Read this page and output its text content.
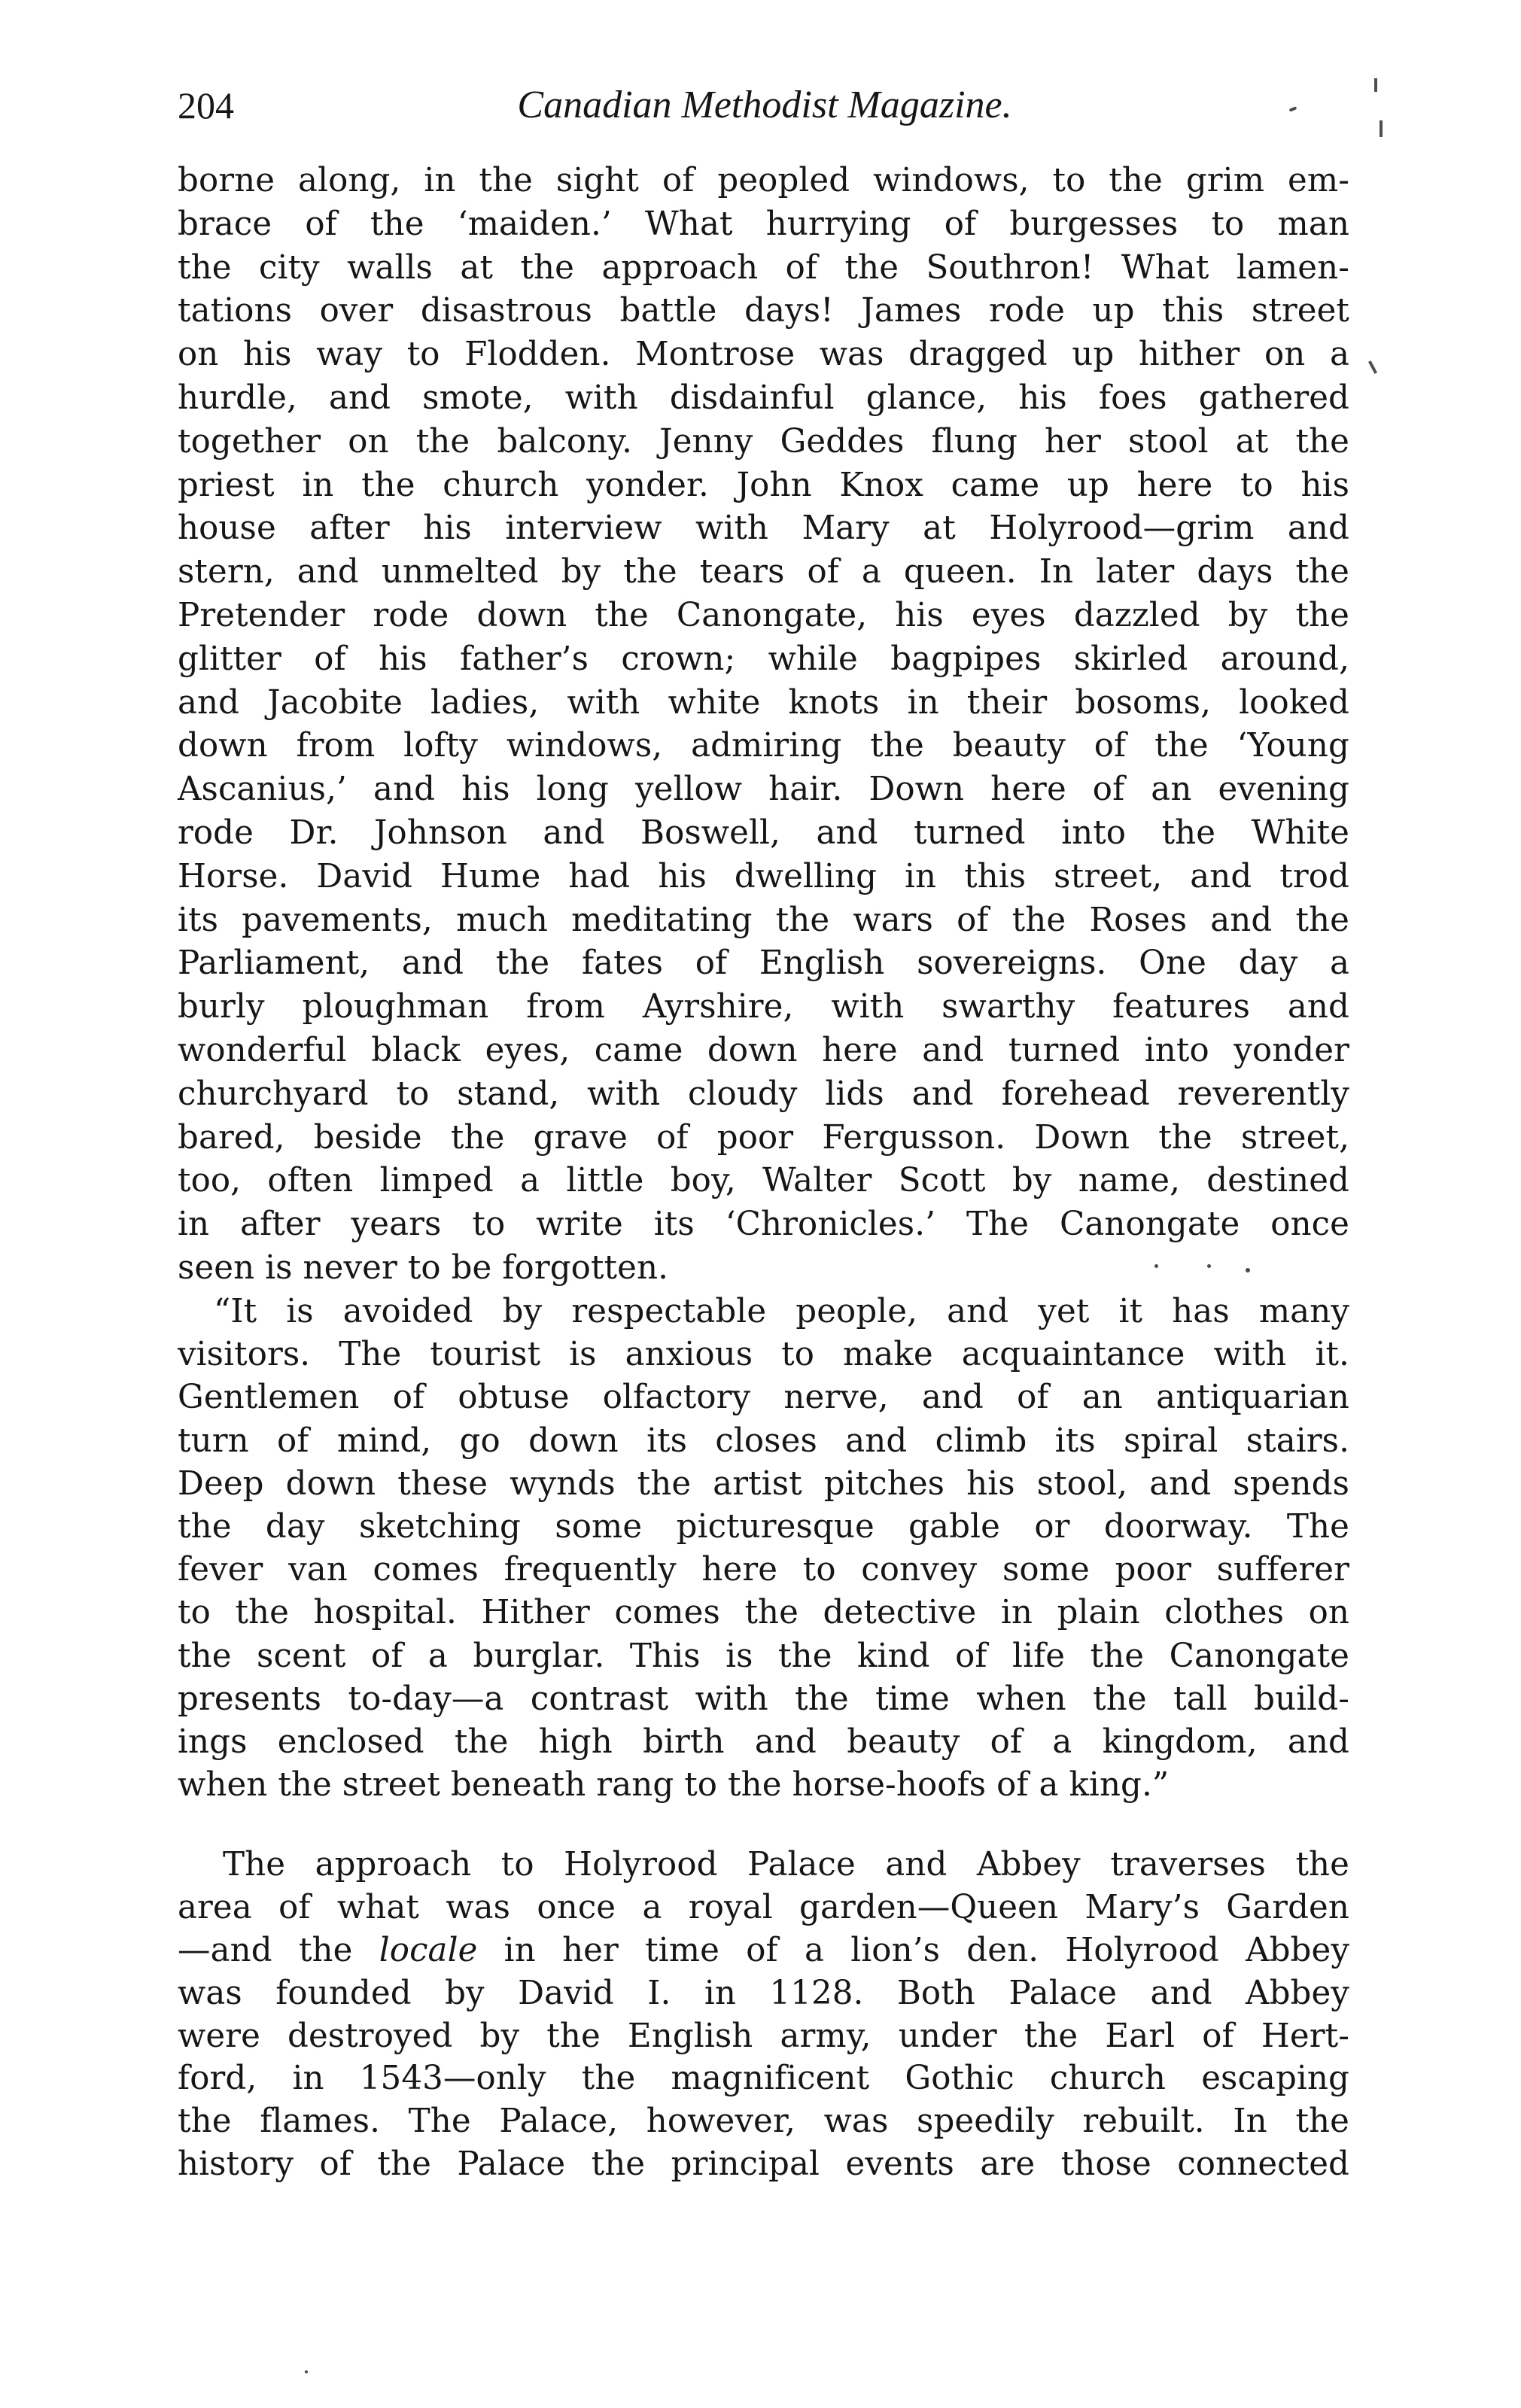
204	Canadian Methodist Magazine.
borne along, in the sight of peopled windows, to the grim em-
brace of the ‘maiden.’ What hurrying of burgesses to man
the city walls at the approach of the Southron! What lamen-
tations over disastrous battle days! James rode up this street
on his way to Flodden. Montrose was dragged up hither on a
hurdle, and smote, with disdainful glance, his foes gathered
together on the balcony. Jenny Geddes flung her stool at the
priest in the church yonder. John Knox came up here to his
house after his interview with Mary at Holyrood—grim and
stern, and unmelted by the tears of a queen. In later days the
Pretender rode down the Canongate, his eyes dazzled by the
glitter of his father’s crown; while bagpipes skirled around,
and Jacobite ladies, with white knots in their bosoms, looked
down from lofty windows, admiring the beauty of the ‘Young
Ascanius,’ and his long yellow hair. Down here of an evening
rode Dr. Johnson and Boswell, and turned into the White
Horse. David Hume had his dwelling in this street, and trod
its pavements, much meditating the wars of the Roses and the
Parliament, and the fates of English sovereigns. One day a
burly ploughman from Ayrshire, with swarthy features and
wonderful black eyes, came down here and turned into yonder
churchyard to stand, with cloudy lids and forehead reverently
bared, beside the grave of poor Fergusson. Down the street,
too, often limped a little boy, Walter Scott by name, destined
in after years to write its ‘Chronicles.’ The Canongate once
seen is never to be forgotten.
“It is avoided by respectable people, and yet it has many
visitors. The tourist is anxious to make acquaintance with it.
Gentlemen of obtuse olfactory nerve, and of an antiquarian
turn of mind, go down its closes and climb its spiral stairs.
Deep down these wynds the artist pitches his stool, and spends
the day sketching some picturesque gable or doorway. The
fever van comes frequently here to convey some poor sufferer
to the hospital. Hither comes the detective in plain clothes on
the scent of a burglar. This is the kind of life the Canongate
presents to-day—a contrast with the time when the tall build-
ings enclosed the high birth and beauty of a kingdom, and
when the street beneath rang to the horse-hoofs of a king.”
The approach to Holyrood Palace and Abbey traverses the
area of what was once a royal garden—Queen Mary’s Garden
—and the locale in her time of a lion’s den. Holyrood Abbey
was founded by David I. in 1128. Both Palace and Abbey
were destroyed by the English army, under the Earl of Hert-
ford, in 1543—only the magnificent Gothic church escaping
the flames. The Palace, however, was speedily rebuilt. In the
history of the Palace the principal events are those connected
